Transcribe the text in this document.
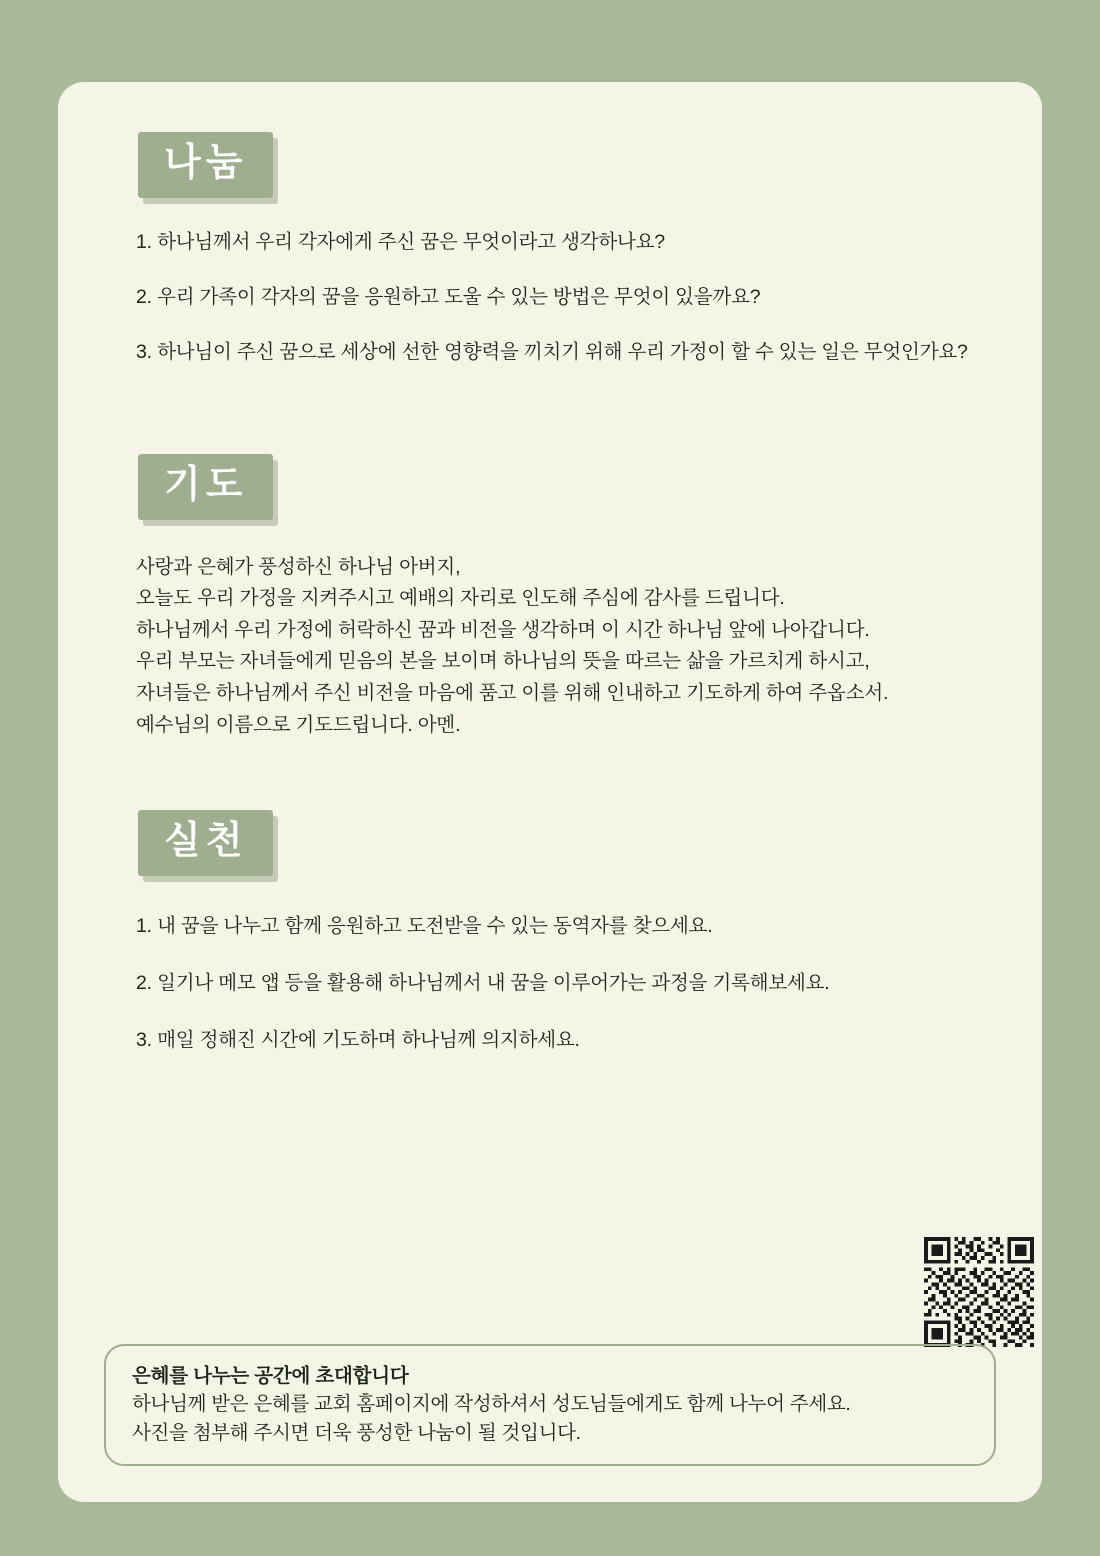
나눔
1. 하나님께서 우리 각자에게 주신 꿈은 무엇이라고 생각하나요?
2. 우리 가족이 각자의 꿈을 응원하고 도울 수 있는 방법은 무엇이 있을까요?
3. 하나님이 주신 꿈으로 세상에 선한 영향력을 끼치기 위해 우리 가정이 할 수 있는 일은 무엇인가요?
기도
사랑과 은혜가 풍성하신 하나님 아버지,
오늘도 우리 가정을 지켜주시고 예배의 자리로 인도해 주심에 감사를 드립니다.
하나님께서 우리 가정에 허락하신 꿈과 비전을 생각하며 이 시간 하나님 앞에 나아갑니다.
우리 부모는 자녀들에게 믿음의 본을 보이며 하나님의 뜻을 따르는 삶을 가르치게 하시고,
자녀들은 하나님께서 주신 비전을 마음에 품고 이를 위해 인내하고 기도하게 하여 주옵소서.
예수님의 이름으로 기도드립니다. 아멘.
실천
1. 내 꿈을 나누고 함께 응원하고 도전받을 수 있는 동역자를 찾으세요.
2. 일기나 메모 앱 등을 활용해 하나님께서 내 꿈을 이루어가는 과정을 기록해보세요.
3. 매일 정해진 시간에 기도하며 하나님께 의지하세요.
은혜를 나누는 공간에 초대합니다
하나님께 받은 은혜를 교회 홈페이지에 작성하셔서 성도님들에게도 함께 나누어 주세요.
사진을 첨부해 주시면 더욱 풍성한 나눔이 될 것입니다.
